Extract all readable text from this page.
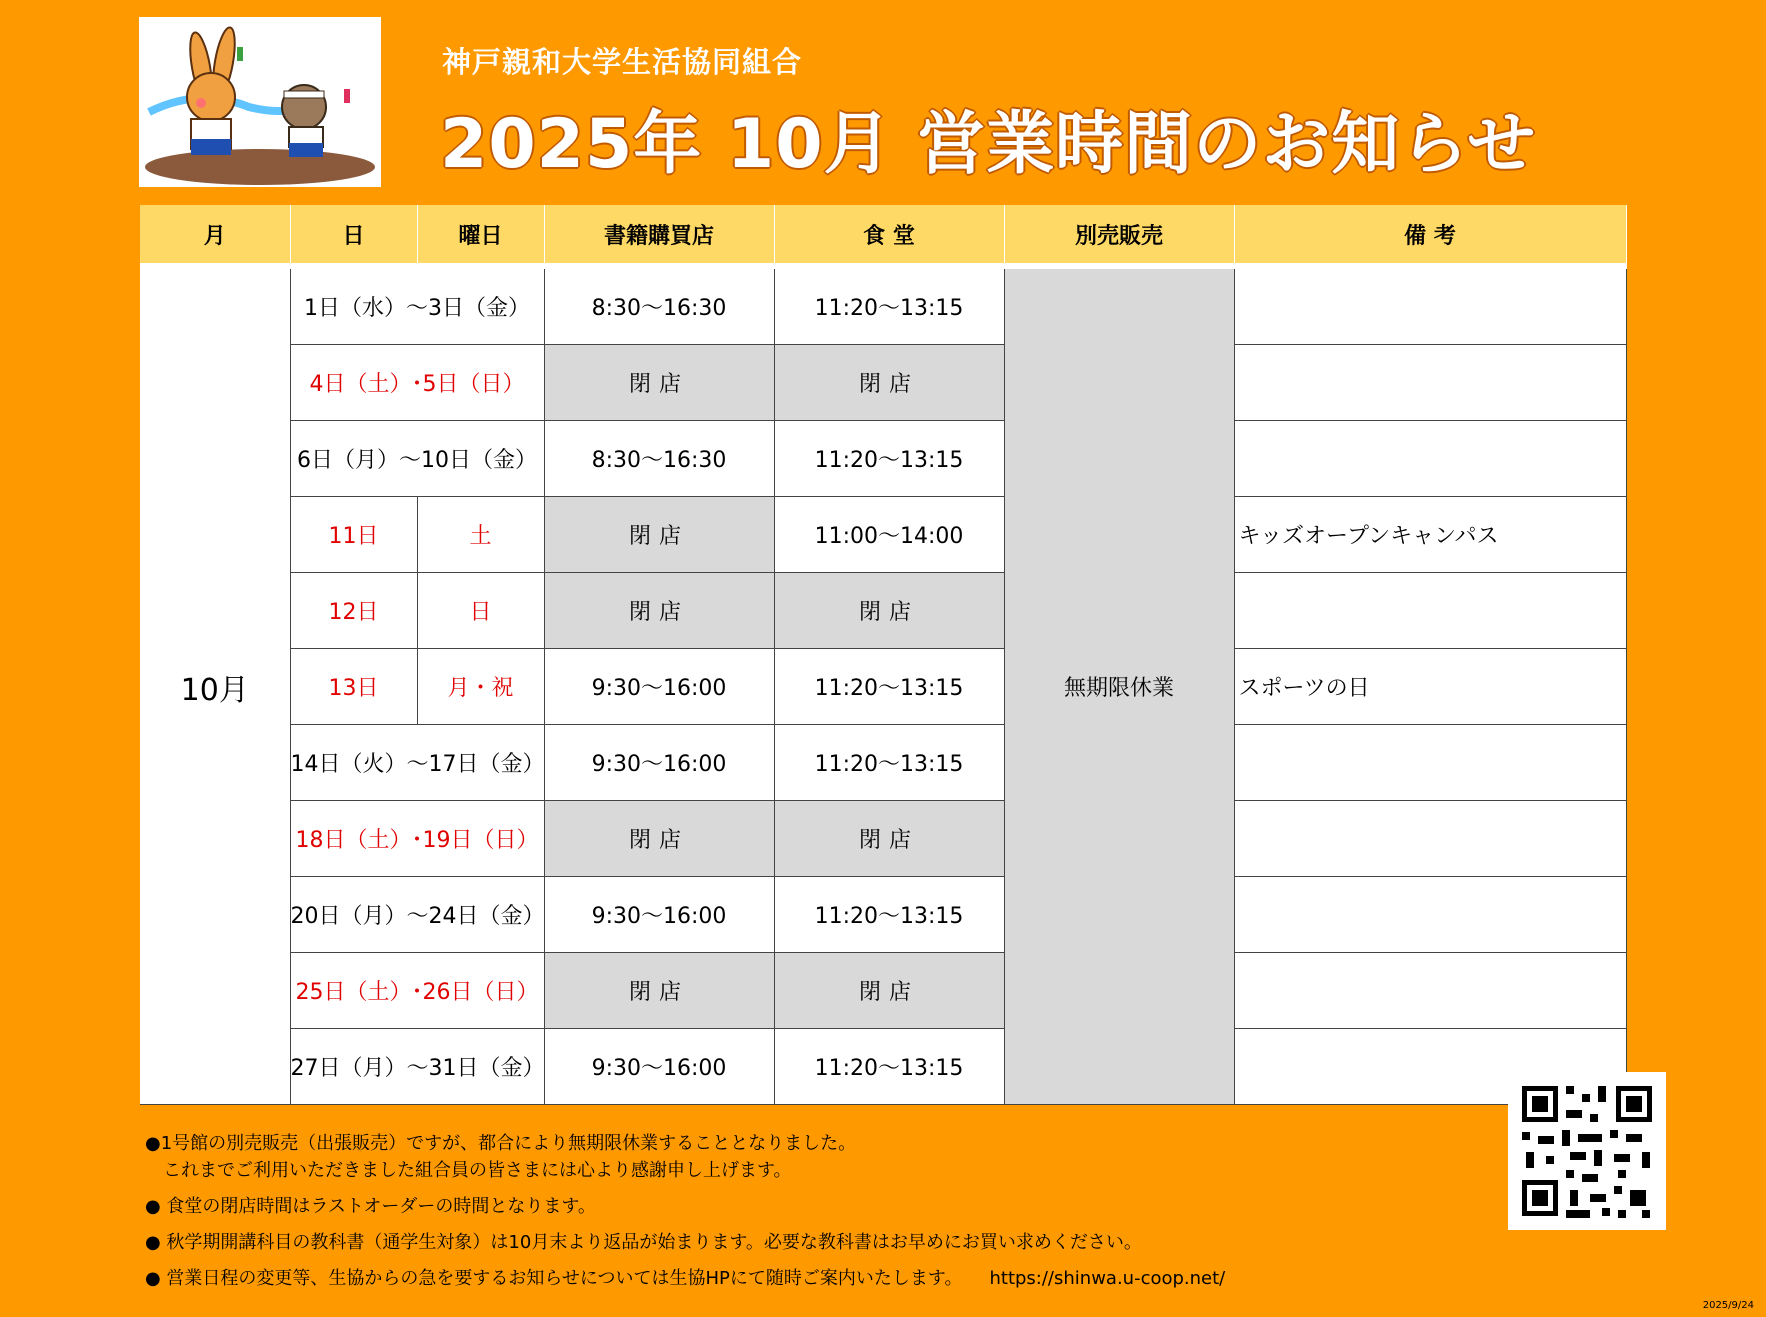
神戸親和大学生活協同組合
2025年 10月 営業時間のお知らせ
月	日	曜日	書籍購買店	食 堂	別売販売	備 考
10月	1日（水）～3日（金）		8:30～16:30	11:20～13:15	無期限休業	
	4日（土）･5日（日）		閉店	閉店		
	6日（月）～10日（金）		8:30～16:30	11:20～13:15		
	11日	土	閉店	11:00～14:00		キッズオープンキャンパス
	12日	日	閉店	閉店		
	13日	月・祝	9:30～16:00	11:20～13:15		スポーツの日
	14日（火）～17日（金）		9:30～16:00	11:20～13:15		
	18日（土）･19日（日）		閉店	閉店		
	20日（月）～24日（金）		9:30～16:00	11:20～13:15		
	25日（土）･26日（日）		閉店	閉店		
	27日（月）～31日（金）		9:30～16:00	11:20～13:15		
●1号館の別売販売（出張販売）ですが、都合により無期限休業することとなりました。
　これまでご利用いただきました組合員の皆さまには心より感謝申し上げます。
● 食堂の閉店時間はラストオーダーの時間となります。
● 秋学期開講科目の教科書（通学生対象）は10月末より返品が始まります。必要な教科書はお早めにお買い求めください。
● 営業日程の変更等、生協からの急を要するお知らせについては生協HPにて随時ご案内いたします。　　https://shinwa.u-coop.net/
2025/9/24
